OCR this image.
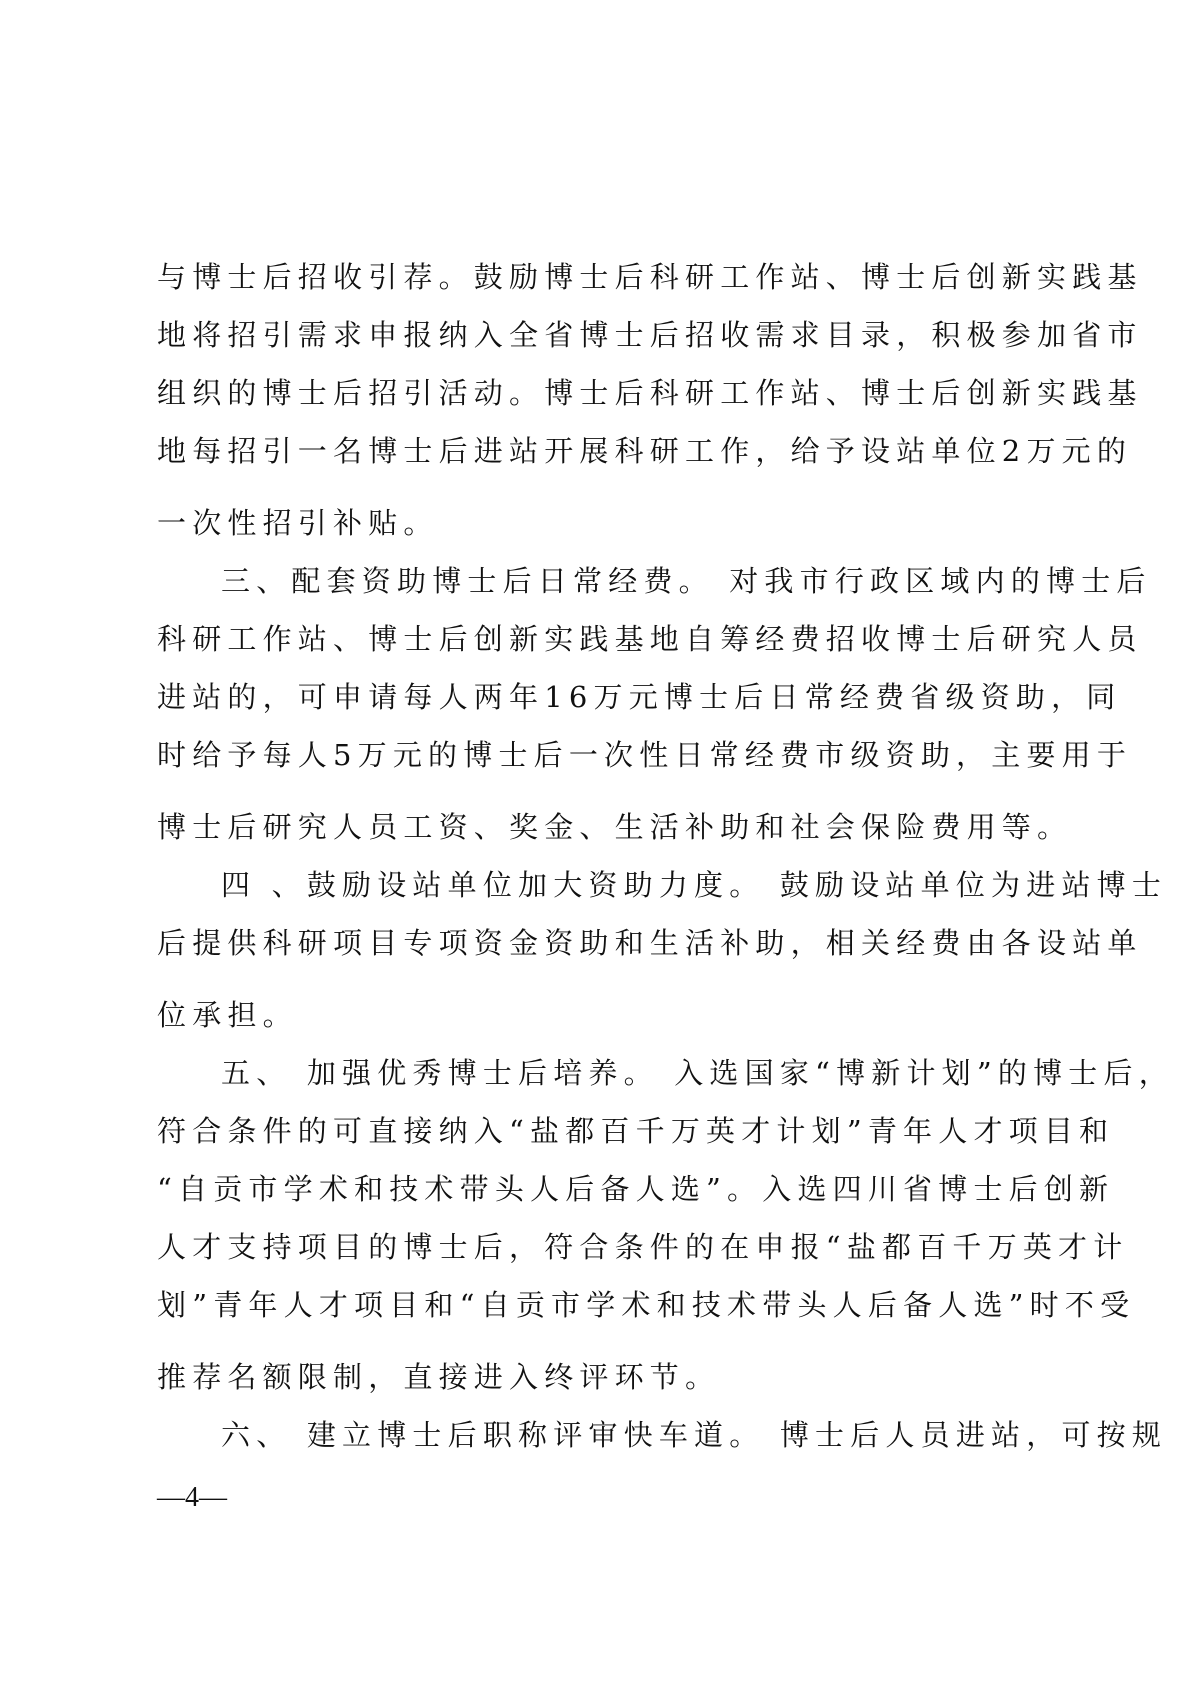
与博士后招收引荐。鼓励博士后科研工作站、博士后创新实践基
地将招引需求申报纳入全省博士后招收需求目录，积极参加省市
组织的博士后招引活动。博士后科研工作站、博士后创新实践基
地每招引一名博士后进站开展科研工作，给予设站单位2万元的
一次性招引补贴。
三、配套资助博士后日常经费。 对我市行政区域内的博士后
科研工作站、博士后创新实践基地自筹经费招收博士后研究人员
进站的，可申请每人两年16万元博士后日常经费省级资助，同
时给予每人5万元的博士后一次性日常经费市级资助，主要用于
博士后研究人员工资、奖金、生活补助和社会保险费用等。
四 、鼓励设站单位加大资助力度。 鼓励设站单位为进站博士
后提供科研项目专项资金资助和生活补助，相关经费由各设站单
位承担。
五、 加强优秀博士后培养。 入选国家“博新计划”的博士后，
符合条件的可直接纳入“盐都百千万英才计划”青年人才项目和
“自贡市学术和技术带头人后备人选”。入选四川省博士后创新
人才支持项目的博士后，符合条件的在申报“盐都百千万英才计
划”青年人才项目和“自贡市学术和技术带头人后备人选”时不受
推荐名额限制，直接进入终评环节。
六、 建立博士后职称评审快车道。 博士后人员进站，可按规
—4—
